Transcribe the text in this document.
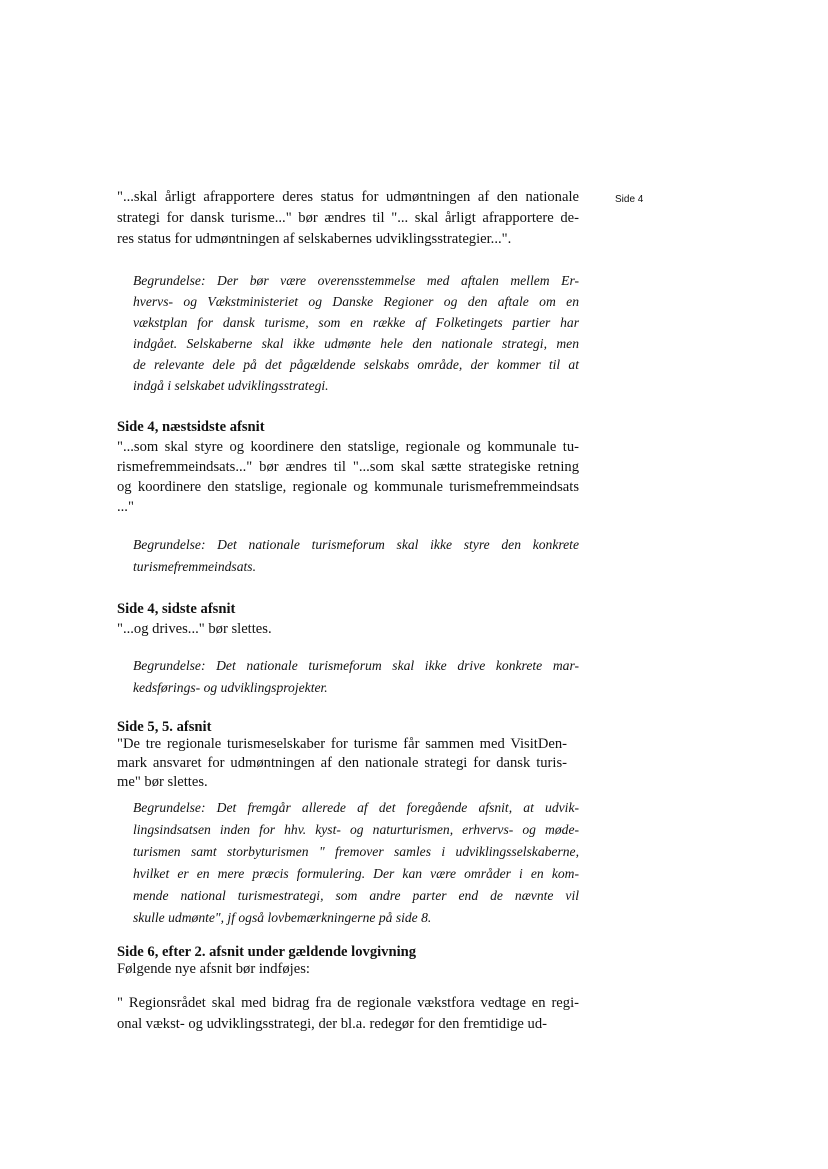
Side 4
"...skal årligt afrapportere deres status for udmøntningen af den nationale
strategi for dansk turisme..." bør ændres til "... skal årligt afrapportere de-
res status for udmøntningen af selskabernes udviklingsstrategier...".
Begrundelse: Der bør være overensstemmelse med aftalen mellem Er-
hvervs- og Vækstministeriet og Danske Regioner og den aftale om en
vækstplan for dansk turisme, som en række af Folketingets partier har
indgået. Selskaberne skal ikke udmønte hele den nationale strategi, men
de relevante dele på det pågældende selskabs område, der kommer til at
indgå i selskabet udviklingsstrategi.
Side 4, næstsidste afsnit
"...som skal styre og koordinere den statslige, regionale og kommunale tu-
rismefremmeindsats..." bør ændres til "...som skal sætte strategiske retning
og koordinere den statslige, regionale og kommunale turismefremmeindsats
..."
Begrundelse: Det nationale turismeforum skal ikke styre den konkrete
turismefremmeindsats.
Side 4, sidste afsnit
"...og drives..." bør slettes.
Begrundelse: Det nationale turismeforum skal ikke drive konkrete mar-
kedsførings- og udviklingsprojekter.
Side 5, 5. afsnit
"De tre regionale turismeselskaber for turisme får sammen med VisitDen-
mark ansvaret for udmøntningen af den nationale strategi for dansk turis-
me" bør slettes.
Begrundelse: Det fremgår allerede af det foregående afsnit, at udvik-
lingsindsatsen inden for hhv. kyst- og naturturismen, erhvervs- og møde-
turismen samt storbyturismen " fremover samles i udviklingsselskaberne,
hvilket er en mere præcis formulering. Der kan være områder i en kom-
mende national turismestrategi, som andre parter end de nævnte vil
skulle udmønte", jf også lovbemærkningerne på side 8.
Side 6, efter 2. afsnit under gældende lovgivning
Følgende nye afsnit bør indføjes:
" Regionsrådet skal med bidrag fra de regionale vækstfora vedtage en regi-
onal vækst- og udviklingsstrategi, der bl.a. redegør for den fremtidige ud-
